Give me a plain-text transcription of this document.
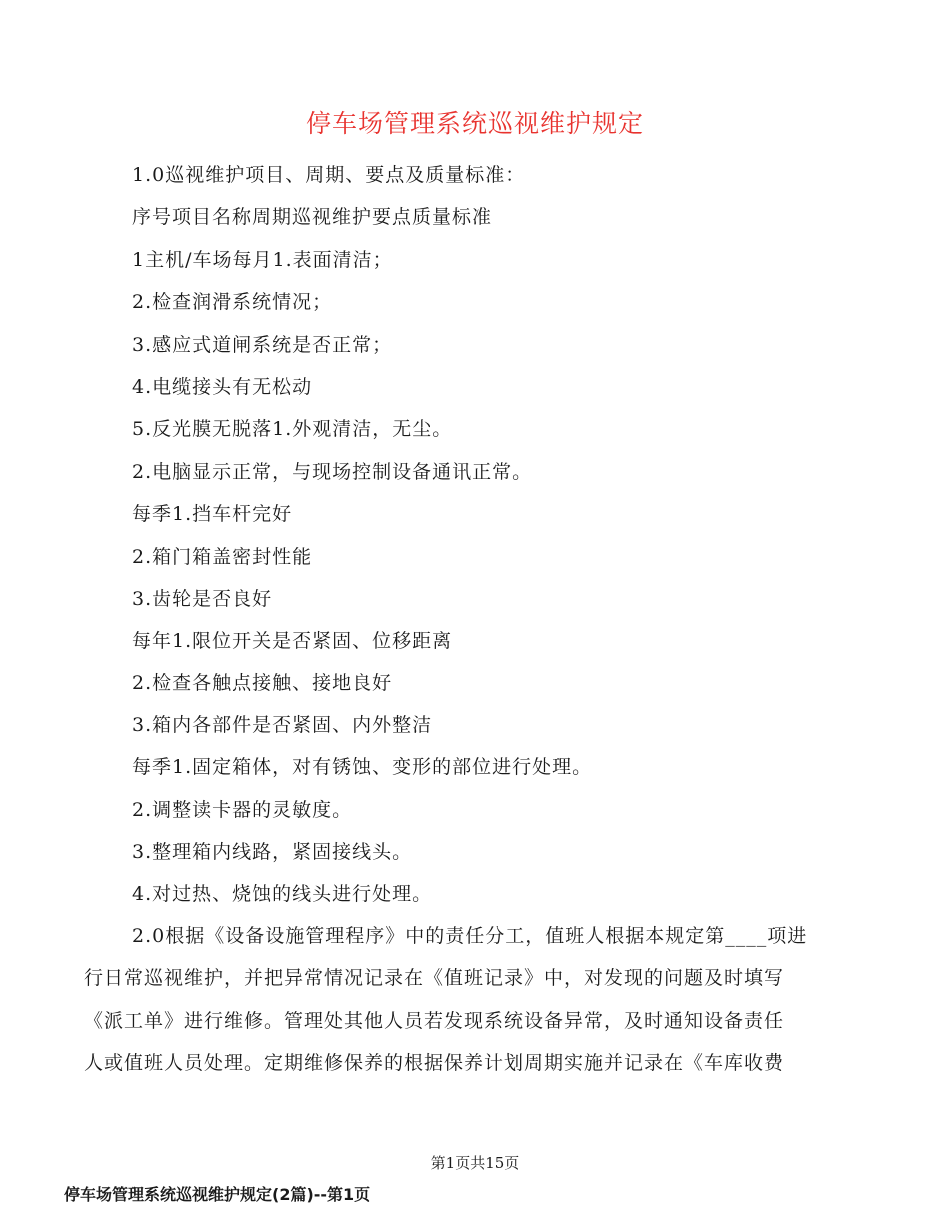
停车场管理系统巡视维护规定
1.0巡视维护项目、周期、要点及质量标准：
序号项目名称周期巡视维护要点质量标准
1主机/车场每月1.表面清洁；
2.检查润滑系统情况；
3.感应式道闸系统是否正常；
4.电缆接头有无松动
5.反光膜无脱落1.外观清洁，无尘。
2.电脑显示正常，与现场控制设备通讯正常。
每季1.挡车杆完好
2.箱门箱盖密封性能
3.齿轮是否良好
每年1.限位开关是否紧固、位移距离
2.检查各触点接触、接地良好
3.箱内各部件是否紧固、内外整洁
每季1.固定箱体，对有锈蚀、变形的部位进行处理。
2.调整读卡器的灵敏度。
3.整理箱内线路，紧固接线头。
4.对过热、烧蚀的线头进行处理。
2.0根据《设备设施管理程序》中的责任分工，值班人根据本规定第____项进
行日常巡视维护，并把异常情况记录在《值班记录》中，对发现的问题及时填写
《派工单》进行维修。管理处其他人员若发现系统设备异常，及时通知设备责任
人或值班人员处理。定期维修保养的根据保养计划周期实施并记录在《车库收费
第1页共15页
停车场管理系统巡视维护规定(2篇)--第1页
